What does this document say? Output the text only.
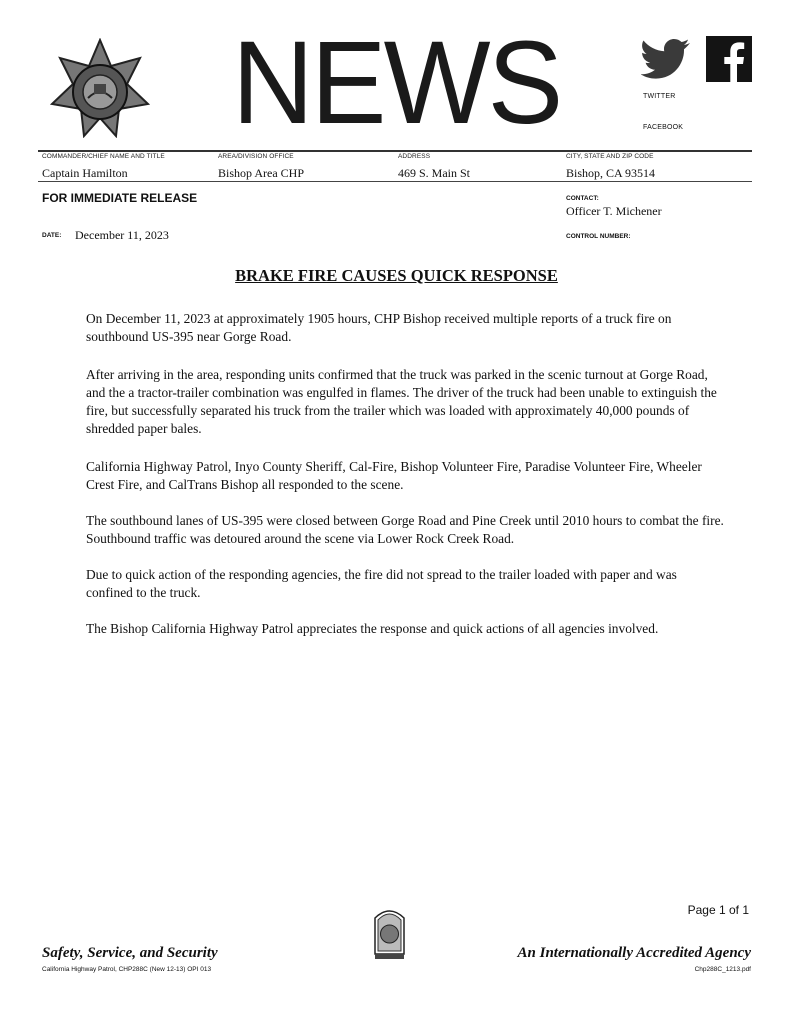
NEWS	TWITTER
FACEBOOK
COMMANDER/CHIEF NAME AND TITLE	AREA/DIVISION OFFICE	ADDRESS	CITY, STATE AND ZIP CODE
Captain Hamilton	Bishop Area CHP	469 S. Main St	Bishop, CA 93514
FOR IMMEDIATE RELEASE	CONTACT:
Officer T. Michener
DATE: December 11, 2023	CONTROL NUMBER:
BRAKE FIRE CAUSES QUICK RESPONSE

On December 11, 2023 at approximately 1905 hours, CHP Bishop received multiple reports of a truck fire on southbound US-395 near Gorge Road.

After arriving in the area, responding units confirmed that the truck was parked in the scenic turnout at Gorge Road, and the a tractor-trailer combination was engulfed in flames. The driver of the truck had been unable to extinguish the fire, but successfully separated his truck from the trailer which was loaded with approximately 40,000 pounds of shredded paper bales.

California Highway Patrol, Inyo County Sheriff, Cal-Fire, Bishop Volunteer Fire, Paradise Volunteer Fire, Wheeler Crest Fire, and CalTrans Bishop all responded to the scene.

The southbound lanes of US-395 were closed between Gorge Road and Pine Creek until 2010 hours to combat the fire. Southbound traffic was detoured around the scene via Lower Rock Creek Road.

Due to quick action of the responding agencies, the fire did not spread to the trailer loaded with paper and was confined to the truck.

The Bishop California Highway Patrol appreciates the response and quick actions of all agencies involved.

Page 1 of 1
Safety, Service, and Security
California Highway Patrol, CHP288C (New 12-13) OPI 013
An Internationally Accredited Agency
Chp288C_1213.pdf
